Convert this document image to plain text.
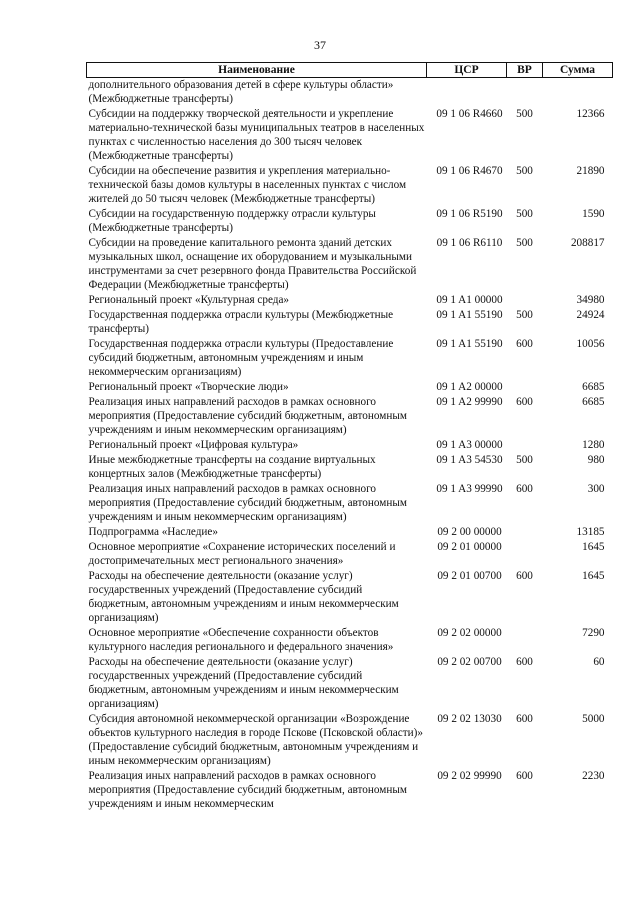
37
Наименование	ЦСР	ВР	Сумма
дополнительного образования детей в сфере культуры области» (Межбюджетные трансферты)			
Субсидии на поддержку творческой деятельности и укрепление материально-технической базы муниципальных театров в населенных пунктах с численностью населения до 300 тысяч человек (Межбюджетные трансферты)	09 1 06 R4660	500	12366
Субсидии на обеспечение развития и укрепления материально-технической базы домов культуры в населенных пунктах с числом жителей до 50 тысяч человек (Межбюджетные трансферты)	09 1 06 R4670	500	21890
Субсидии на государственную поддержку отрасли культуры (Межбюджетные трансферты)	09 1 06 R5190	500	1590
Субсидии на проведение капитального ремонта зданий детских музыкальных школ, оснащение их оборудованием и музыкальными инструментами за счет резервного фонда Правительства Российской Федерации (Межбюджетные трансферты)	09 1 06 R6110	500	208817
Региональный проект «Культурная среда»	09 1 A1 00000		34980
Государственная поддержка отрасли культуры (Межбюджетные трансферты)	09 1 A1 55190	500	24924
Государственная поддержка отрасли культуры (Предоставление субсидий бюджетным, автономным учреждениям и иным некоммерческим организациям)	09 1 A1 55190	600	10056
Региональный проект «Творческие люди»	09 1 A2 00000		6685
Реализация иных направлений расходов в рамках основного мероприятия (Предоставление субсидий бюджетным, автономным учреждениям и иным некоммерческим организациям)	09 1 A2 99990	600	6685
Региональный проект «Цифровая культура»	09 1 A3 00000		1280
Иные межбюджетные трансферты на создание виртуальных концертных залов (Межбюджетные трансферты)	09 1 A3 54530	500	980
Реализация иных направлений расходов в рамках основного мероприятия (Предоставление субсидий бюджетным, автономным учреждениям и иным некоммерческим организациям)	09 1 A3 99990	600	300
Подпрограмма «Наследие»	09 2 00 00000		13185
Основное мероприятие «Сохранение исторических поселений и достопримечательных мест регионального значения»	09 2 01 00000		1645
Расходы на обеспечение деятельности (оказание услуг) государственных учреждений (Предоставление субсидий бюджетным, автономным учреждениям и иным некоммерческим организациям)	09 2 01 00700	600	1645
Основное мероприятие «Обеспечение сохранности объектов культурного наследия регионального и федерального значения»	09 2 02 00000		7290
Расходы на обеспечение деятельности (оказание услуг) государственных учреждений (Предоставление субсидий бюджетным, автономным учреждениям и иным некоммерческим организациям)	09 2 02 00700	600	60
Субсидия автономной некоммерческой организации «Возрождение объектов культурного наследия в городе Пскове (Псковской области)» (Предоставление субсидий бюджетным, автономным учреждениям и иным некоммерческим организациям)	09 2 02 13030	600	5000
Реализация иных направлений расходов в рамках основного мероприятия (Предоставление субсидий бюджетным, автономным учреждениям и иным некоммерческим	09 2 02 99990	600	2230
